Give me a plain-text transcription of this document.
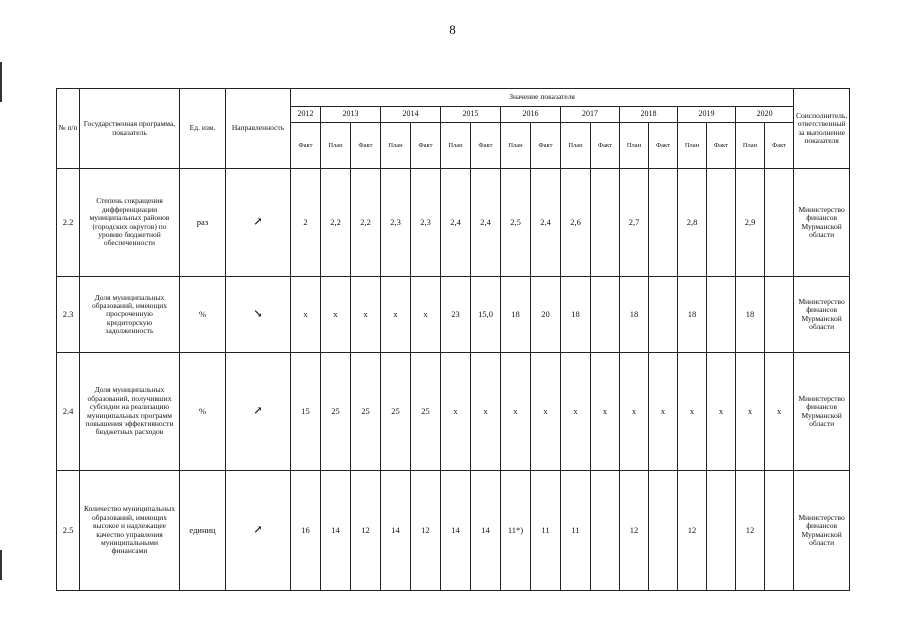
8
№ п/п	Государственная программа, показатель	Ед. изм.	Направленность	Значение показателя																	Соисполнитель, ответственный за выполнение показателя
				2012	2013		2014		2015		2016		2017		2018		2019		2020		
				Факт	План	Факт	План	Факт	План	Факт	План	Факт	План	Факт	План	Факт	План	Факт	План	Факт	
2.2	Степень сокращения дифференциации муниципальных районов (городских округов) по уровню бюджетной обеспеченности	раз	↗	2	2,2	2,2	2,3	2,3	2,4	2,4	2,5	2,4	2,6		2,7		2,8		2,9		Министерство финансов Мурманской области
2.3	Доля муниципальных образований, имеющих просроченную кредиторскую задолженность	%	↘	x	x	x	x	x	23	15,0	18	20	18		18		18		18		Министерство финансов Мурманской области
2.4	Доля муниципальных образований, получивших субсидии на реализацию муниципальных программ повышения эффективности бюджетных расходов	%	↗	15	25	25	25	25	x	x	x	x	x	x	x	x	x	x	x	x	Министерство финансов Мурманской области
2.5	Количество муниципальных образований, имеющих высокое и надлежащее качество управления муниципальными финансами	единиц	↗	16	14	12	14	12	14	14	11*)	11	11		12		12		12		Министерство финансов Мурманской области
